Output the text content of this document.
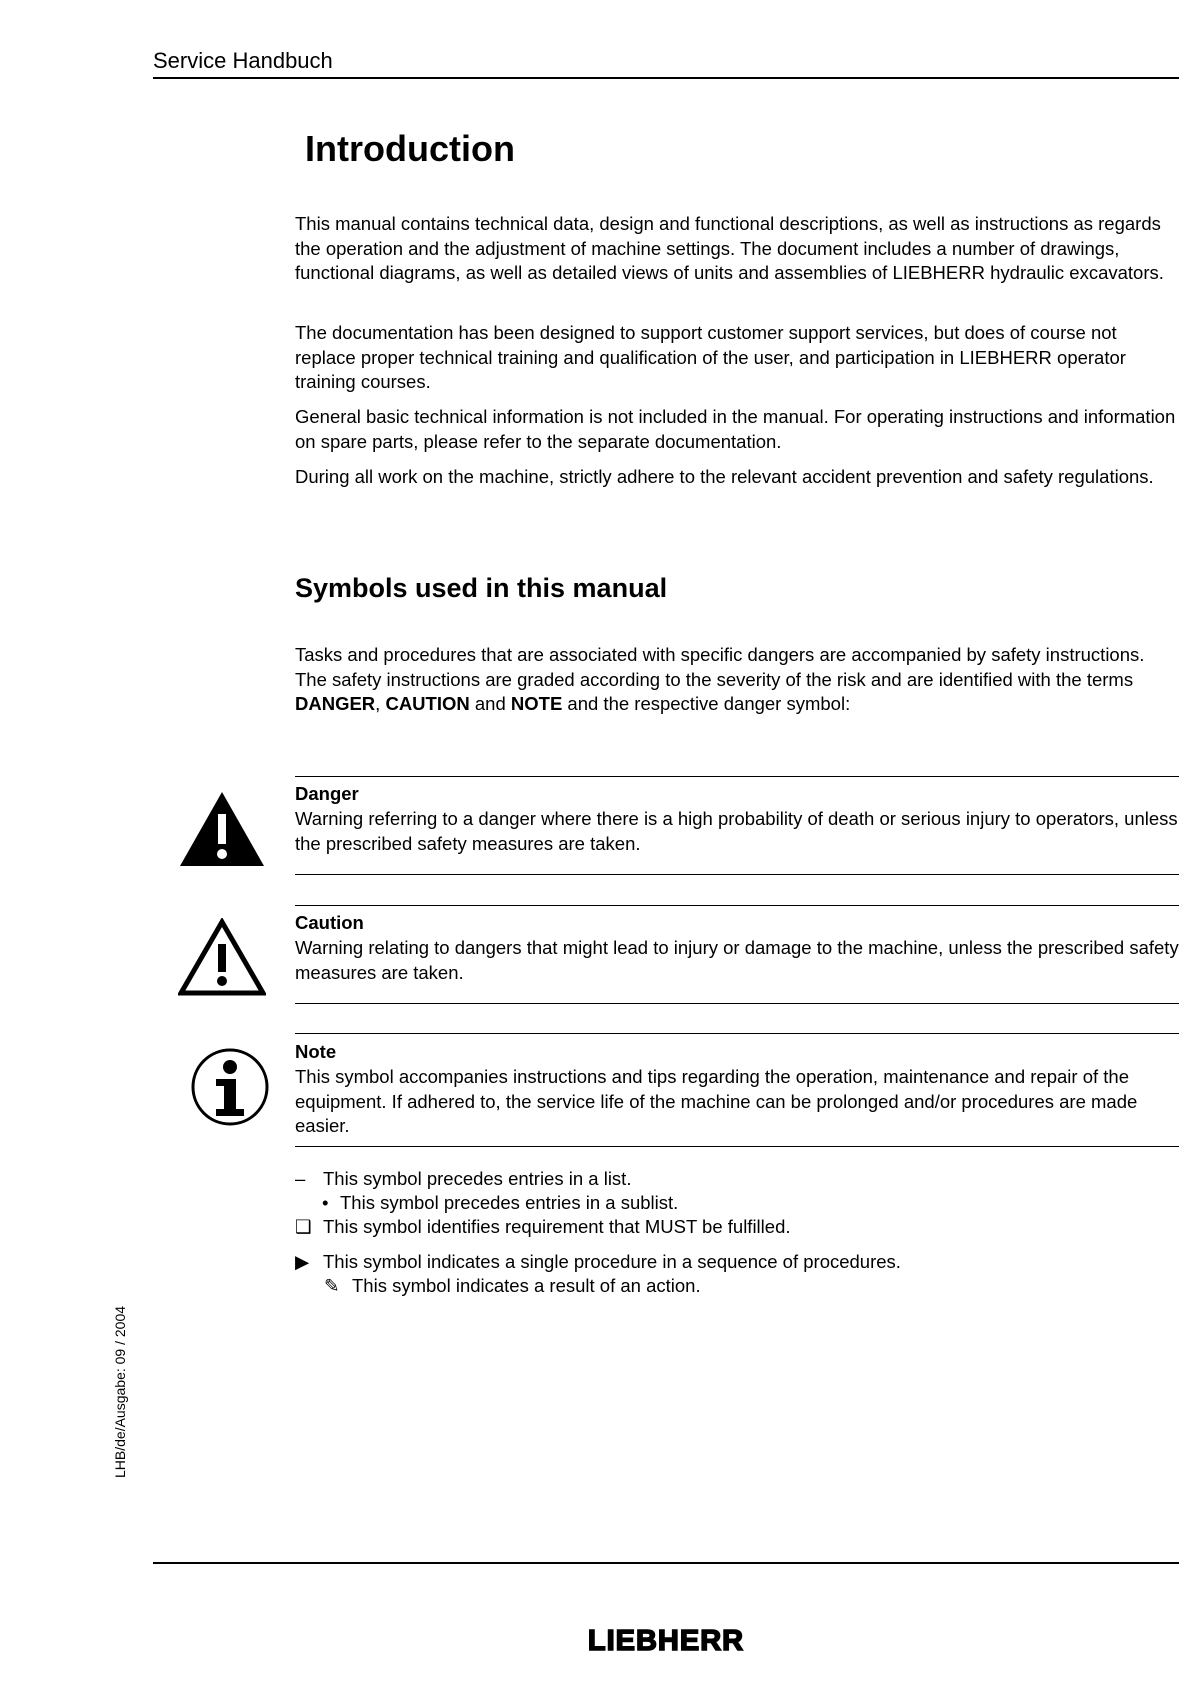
Service Handbuch
Introduction
This manual contains technical data, design and functional descriptions, as well as instructions as regards the operation and the adjustment of machine settings. The document includes a number of drawings, functional diagrams, as well as detailed views of units and assemblies of LIEBHERR hydraulic excavators.
The documentation has been designed to support customer support services, but does of course not replace proper technical training and qualification of the user, and participation in LIEBHERR operator training courses.
General basic technical information is not included in the manual. For operating instructions and information on spare parts, please refer to the separate documentation.
During all work on the machine, strictly adhere to the relevant accident prevention and safety regulations.
Symbols used in this manual
Tasks and procedures that are associated with specific dangers are accompanied by safety instructions. The safety instructions are graded according to the severity of the risk and are identified with the terms DANGER, CAUTION and NOTE and the respective danger symbol:
Danger
Warning referring to a danger where there is a high probability of death or serious injury to operators, unless the prescribed safety measures are taken.
Caution
Warning relating to dangers that might lead to injury or damage to the machine, unless the prescribed safety measures are taken.
Note
This symbol accompanies instructions and tips regarding the operation, maintenance and repair of the equipment. If adhered to, the service life of the machine can be prolonged and/or procedures are made easier.
– This symbol precedes entries in a list.
• This symbol precedes entries in a sublist.
❑ This symbol identifies requirement that MUST be fulfilled.
▶ This symbol indicates a single procedure in a sequence of procedures.
✎ This symbol indicates a result of an action.
LHB/de/Ausgabe: 09 / 2004
LIEBHERR
